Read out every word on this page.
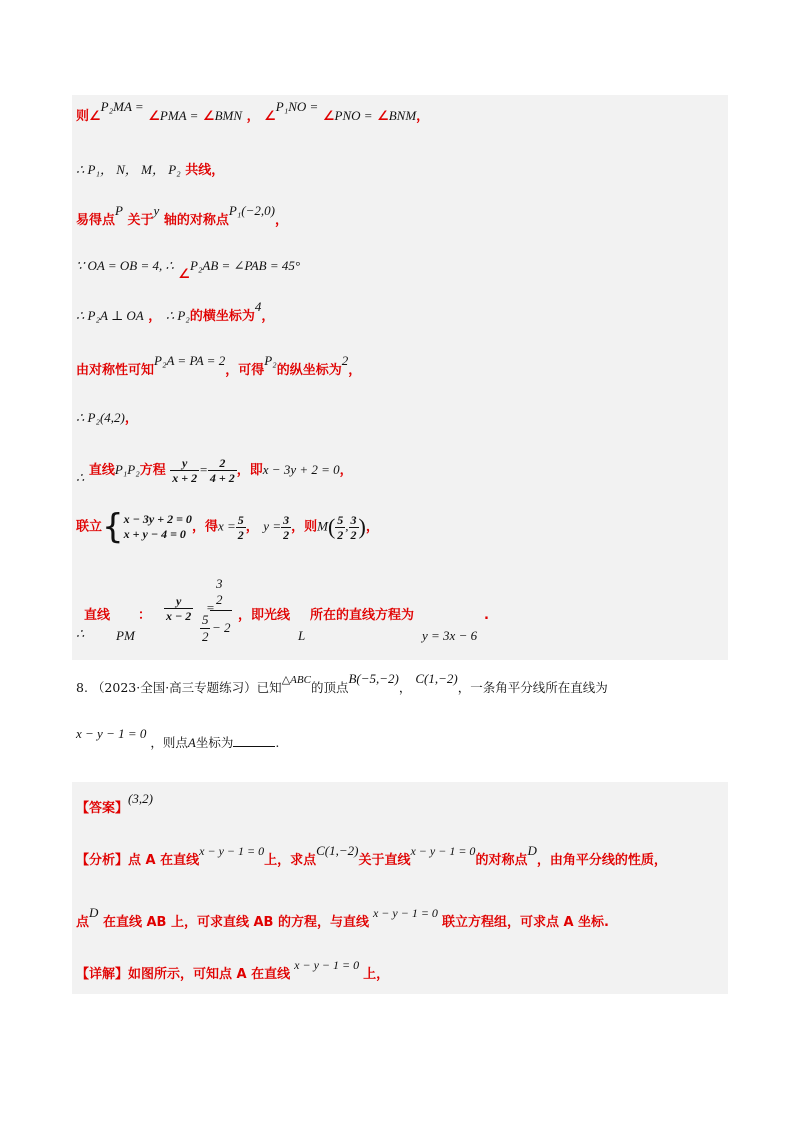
则∠P₂MA = ∠PMA = ∠BMN ， ∠P₁NO = ∠PNO = ∠BNM，
∴ P₁， N， M， P₂ 共线，
易得点P 关于y 轴的对称点P₁(−2,0)，
∵ OA = OB = 4, ∴ ∠P₂AB = ∠PAB = 45°
∴ P₂A ⊥ OA ， ∴ P₂的横坐标为4，
由对称性可知P₂A = PA = 2，可得P₂的纵坐标为2，
∴ P₂(4,2)，
∴ 直线P₁P₂方程 $\frac{y}{x + 2} = \frac{2}{4 + 2}$ ，即x − 3y + 2 = 0，
联立{x − 3y + 2 = 0
x + y − 4 = 0 ，得$x = \frac{5}{2}$ ， $y = \frac{3}{2}$ ，则$M( \frac{5}{2}$ , $\frac{3}{2}$ )，
∴
直线
PM
： $\frac{y}{x - 2}$ =
3
2
5
2
− 2
，即光线
L
所在的直线方程为
y = 3x − 6
.
8. （2023·全国·高三专题练习）已知△ABC的顶点B(−5,−2)， C(1,−2)，一条角平分线所在直线为
x − y − 1 = 0 ，则点A坐标为	.
【答案】(3,2)
【分析】点 A 在直线x − y − 1 = 0上，求点C(1,−2)关于直线x − y − 1 = 0的对称点D，由角平分线的性质，
点D 在直线 AB 上，可求直线 AB 的方程，与直线x − y − 1 = 0联立方程组，可求点 A 坐标.
【详解】如图所示，可知点 A 在直线x − y − 1 = 0上，
